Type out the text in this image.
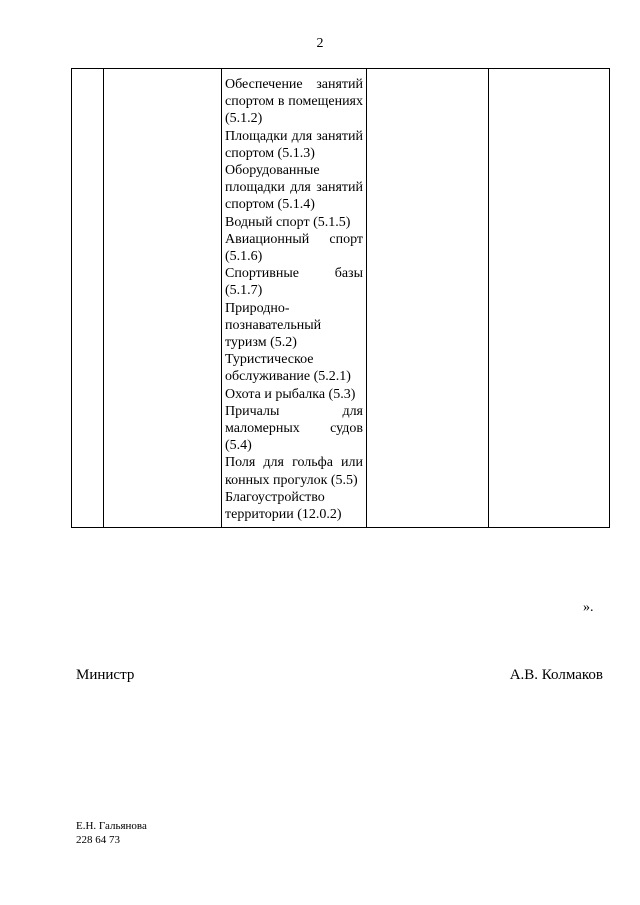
2

Обеспечение занятий спортом в помещениях (5.1.2)
Площадки для занятий спортом (5.1.3)
Оборудованные площадки для занятий спортом (5.1.4)
Водный спорт (5.1.5)
Авиационный спорт (5.1.6)
Спортивные базы (5.1.7)
Природно-познавательный туризм (5.2)
Туристическое обслуживание (5.2.1)
Охота и рыбалка (5.3)
Причалы для маломерных судов (5.4)
Поля для гольфа или конных прогулок (5.5)
Благоустройство территории (12.0.2)

».
Министр	А.В. Колмаков
Е.Н. Гальянова
228 64 73
